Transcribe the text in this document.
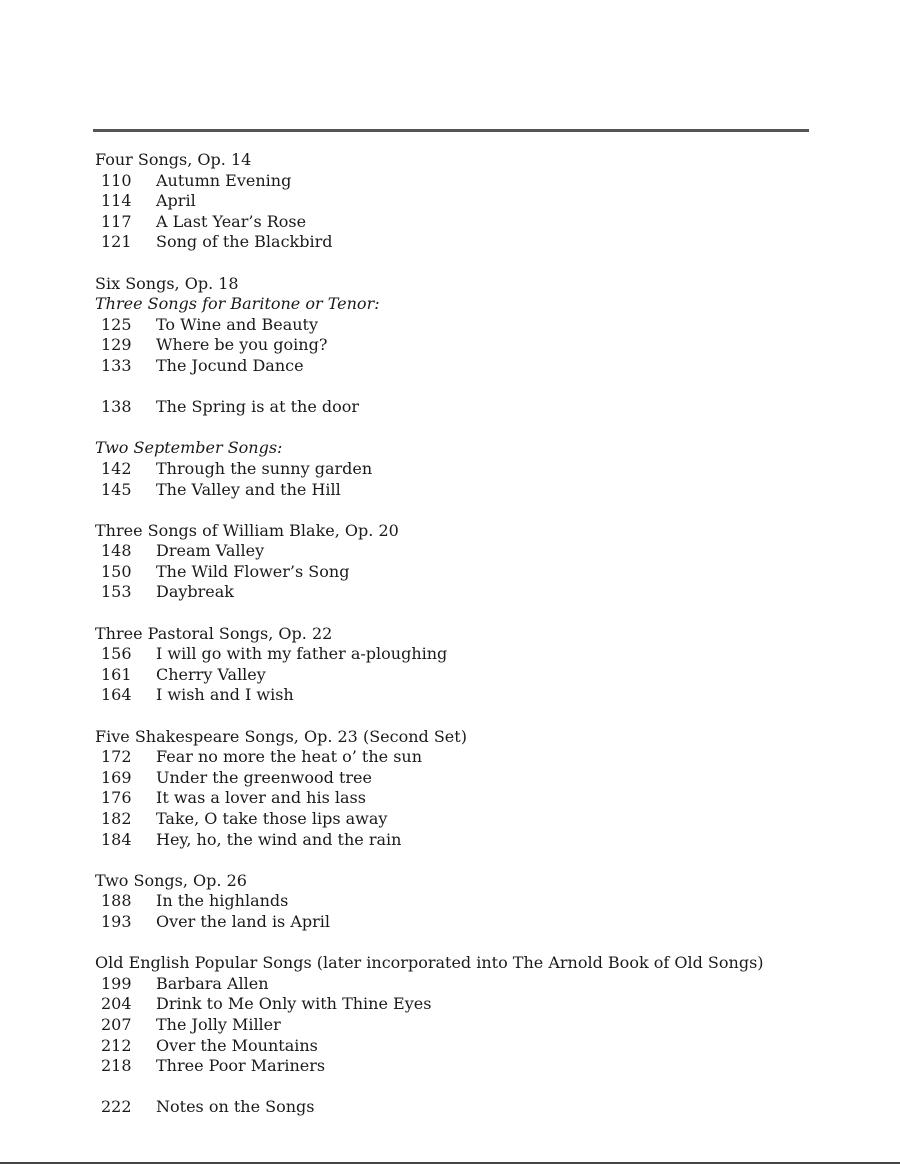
Four Songs, Op. 14
110 Autumn Evening
114 April
117 A Last Year’s Rose
121 Song of the Blackbird
Six Songs, Op. 18
Three Songs for Baritone or Tenor:
125 To Wine and Beauty
129 Where be you going?
133 The Jocund Dance
138 The Spring is at the door
Two September Songs:
142 Through the sunny garden
145 The Valley and the Hill
Three Songs of William Blake, Op. 20
148 Dream Valley
150 The Wild Flower’s Song
153 Daybreak
Three Pastoral Songs, Op. 22
156 I will go with my father a-ploughing
161 Cherry Valley
164 I wish and I wish
Five Shakespeare Songs, Op. 23 (Second Set)
172 Fear no more the heat o’ the sun
169 Under the greenwood tree
176 It was a lover and his lass
182 Take, O take those lips away
184 Hey, ho, the wind and the rain
Two Songs, Op. 26
188 In the highlands
193 Over the land is April
Old English Popular Songs (later incorporated into The Arnold Book of Old Songs)
199 Barbara Allen
204 Drink to Me Only with Thine Eyes
207 The Jolly Miller
212 Over the Mountains
218 Three Poor Mariners
222 Notes on the Songs
